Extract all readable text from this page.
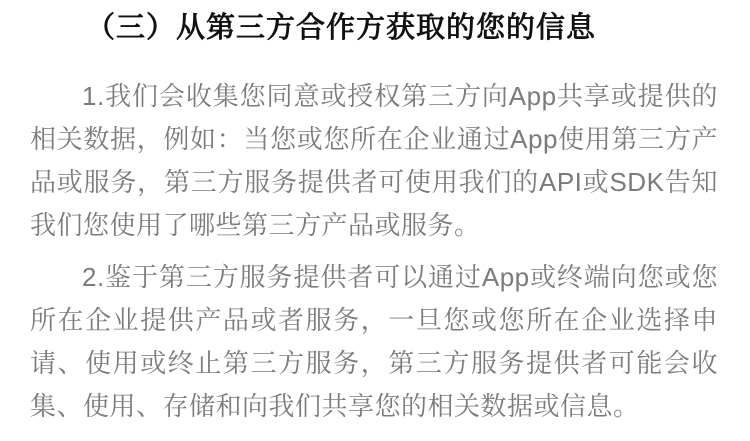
（三）从第三方合作方获取的您的信息

1.我们会收集您同意或授权第三方向App共享或提供的相关数据，例如：当您或您所在企业通过App使用第三方产品或服务，第三方服务提供者可使用我们的API或SDK告知我们您使用了哪些第三方产品或服务。

2.鉴于第三方服务提供者可以通过App或终端向您或您所在企业提供产品或者服务，一旦您或您所在企业选择申请、使用或终止第三方服务，第三方服务提供者可能会收集、使用、存储和向我们共享您的相关数据或信息。
